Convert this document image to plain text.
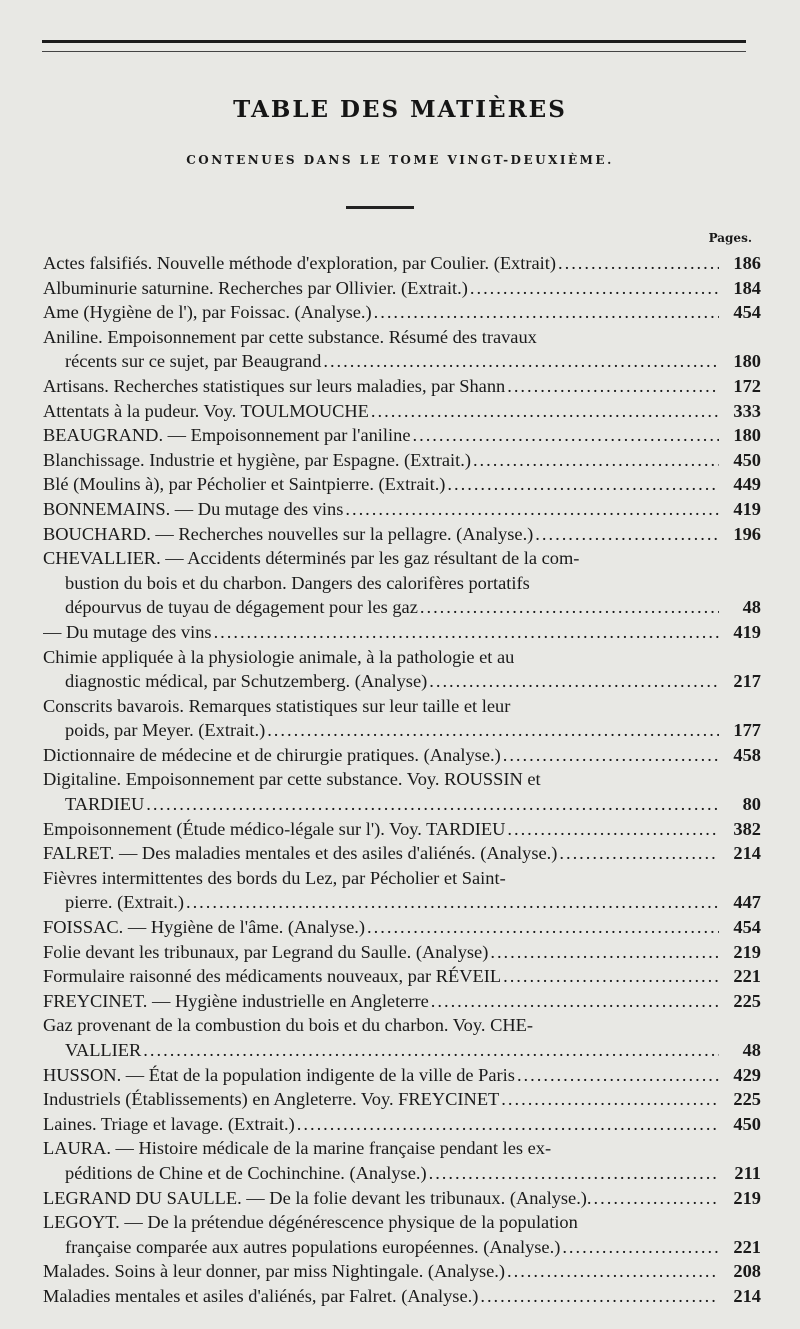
TABLE DES MATIÈRES
CONTENUES DANS LE TOME VINGT-DEUXIÈME.
Pages.
Actes falsifiés. Nouvelle méthode d'exploration, par Coulier. (Extrait) .....	186
Albuminurie saturnine. Recherches par Ollivier. (Extrait.) .....	184
Ame (Hygiène de l'), par Foissac. (Analyse.) .....	454
Aniline. Empoisonnement par cette substance. Résumé des travaux
récents sur ce sujet, par Beaugrand .....	180
Artisans. Recherches statistiques sur leurs maladies, par Shann .....	172
Attentats à la pudeur. Voy. TOULMOUCHE .....	333
BEAUGRAND. — Empoisonnement par l'aniline .....	180
Blanchissage. Industrie et hygiène, par Espagne. (Extrait.) .....	450
Blé (Moulins à), par Pécholier et Saintpierre. (Extrait.) .....	449
BONNEMAINS. — Du mutage des vins .....	419
BOUCHARD. — Recherches nouvelles sur la pellagre. (Analyse.) .....	196
CHEVALLIER. — Accidents déterminés par les gaz résultant de la com-
bustion du bois et du charbon. Dangers des calorifères portatifs
dépourvus de tuyau de dégagement pour les gaz .....	48
— Du mutage des vins .....	419
Chimie appliquée à la physiologie animale, à la pathologie et au
diagnostic médical, par Schutzemberg. (Analyse) .....	217
Conscrits bavarois. Remarques statistiques sur leur taille et leur
poids, par Meyer. (Extrait.) .....	177
Dictionnaire de médecine et de chirurgie pratiques. (Analyse.) .....	458
Digitaline. Empoisonnement par cette substance. Voy. ROUSSIN et
TARDIEU .....	80
Empoisonnement (Étude médico-légale sur l'). Voy. TARDIEU .....	382
FALRET. — Des maladies mentales et des asiles d'aliénés. (Analyse.) .....	214
Fièvres intermittentes des bords du Lez, par Pécholier et Saint-
pierre. (Extrait.) .....	447
FOISSAC. — Hygiène de l'âme. (Analyse.) .....	454
Folie devant les tribunaux, par Legrand du Saulle. (Analyse) .....	219
Formulaire raisonné des médicaments nouveaux, par RÉVEIL .....	221
FREYCINET. — Hygiène industrielle en Angleterre .....	225
Gaz provenant de la combustion du bois et du charbon. Voy. CHE-
VALLIER .....	48
HUSSON. — État de la population indigente de la ville de Paris .....	429
Industriels (Établissements) en Angleterre. Voy. FREYCINET .....	225
Laines. Triage et lavage. (Extrait.) .....	450
LAURA. — Histoire médicale de la marine française pendant les ex-
péditions de Chine et de Cochinchine. (Analyse.) .....	211
LEGRAND DU SAULLE. — De la folie devant les tribunaux. (Analyse.). .....	219
LEGOYT. — De la prétendue dégénérescence physique de la population
française comparée aux autres populations européennes. (Analyse.) .....	221
Malades. Soins à leur donner, par miss Nightingale. (Analyse.) .....	208
Maladies mentales et asiles d'aliénés, par Falret. (Analyse.) .....	214
